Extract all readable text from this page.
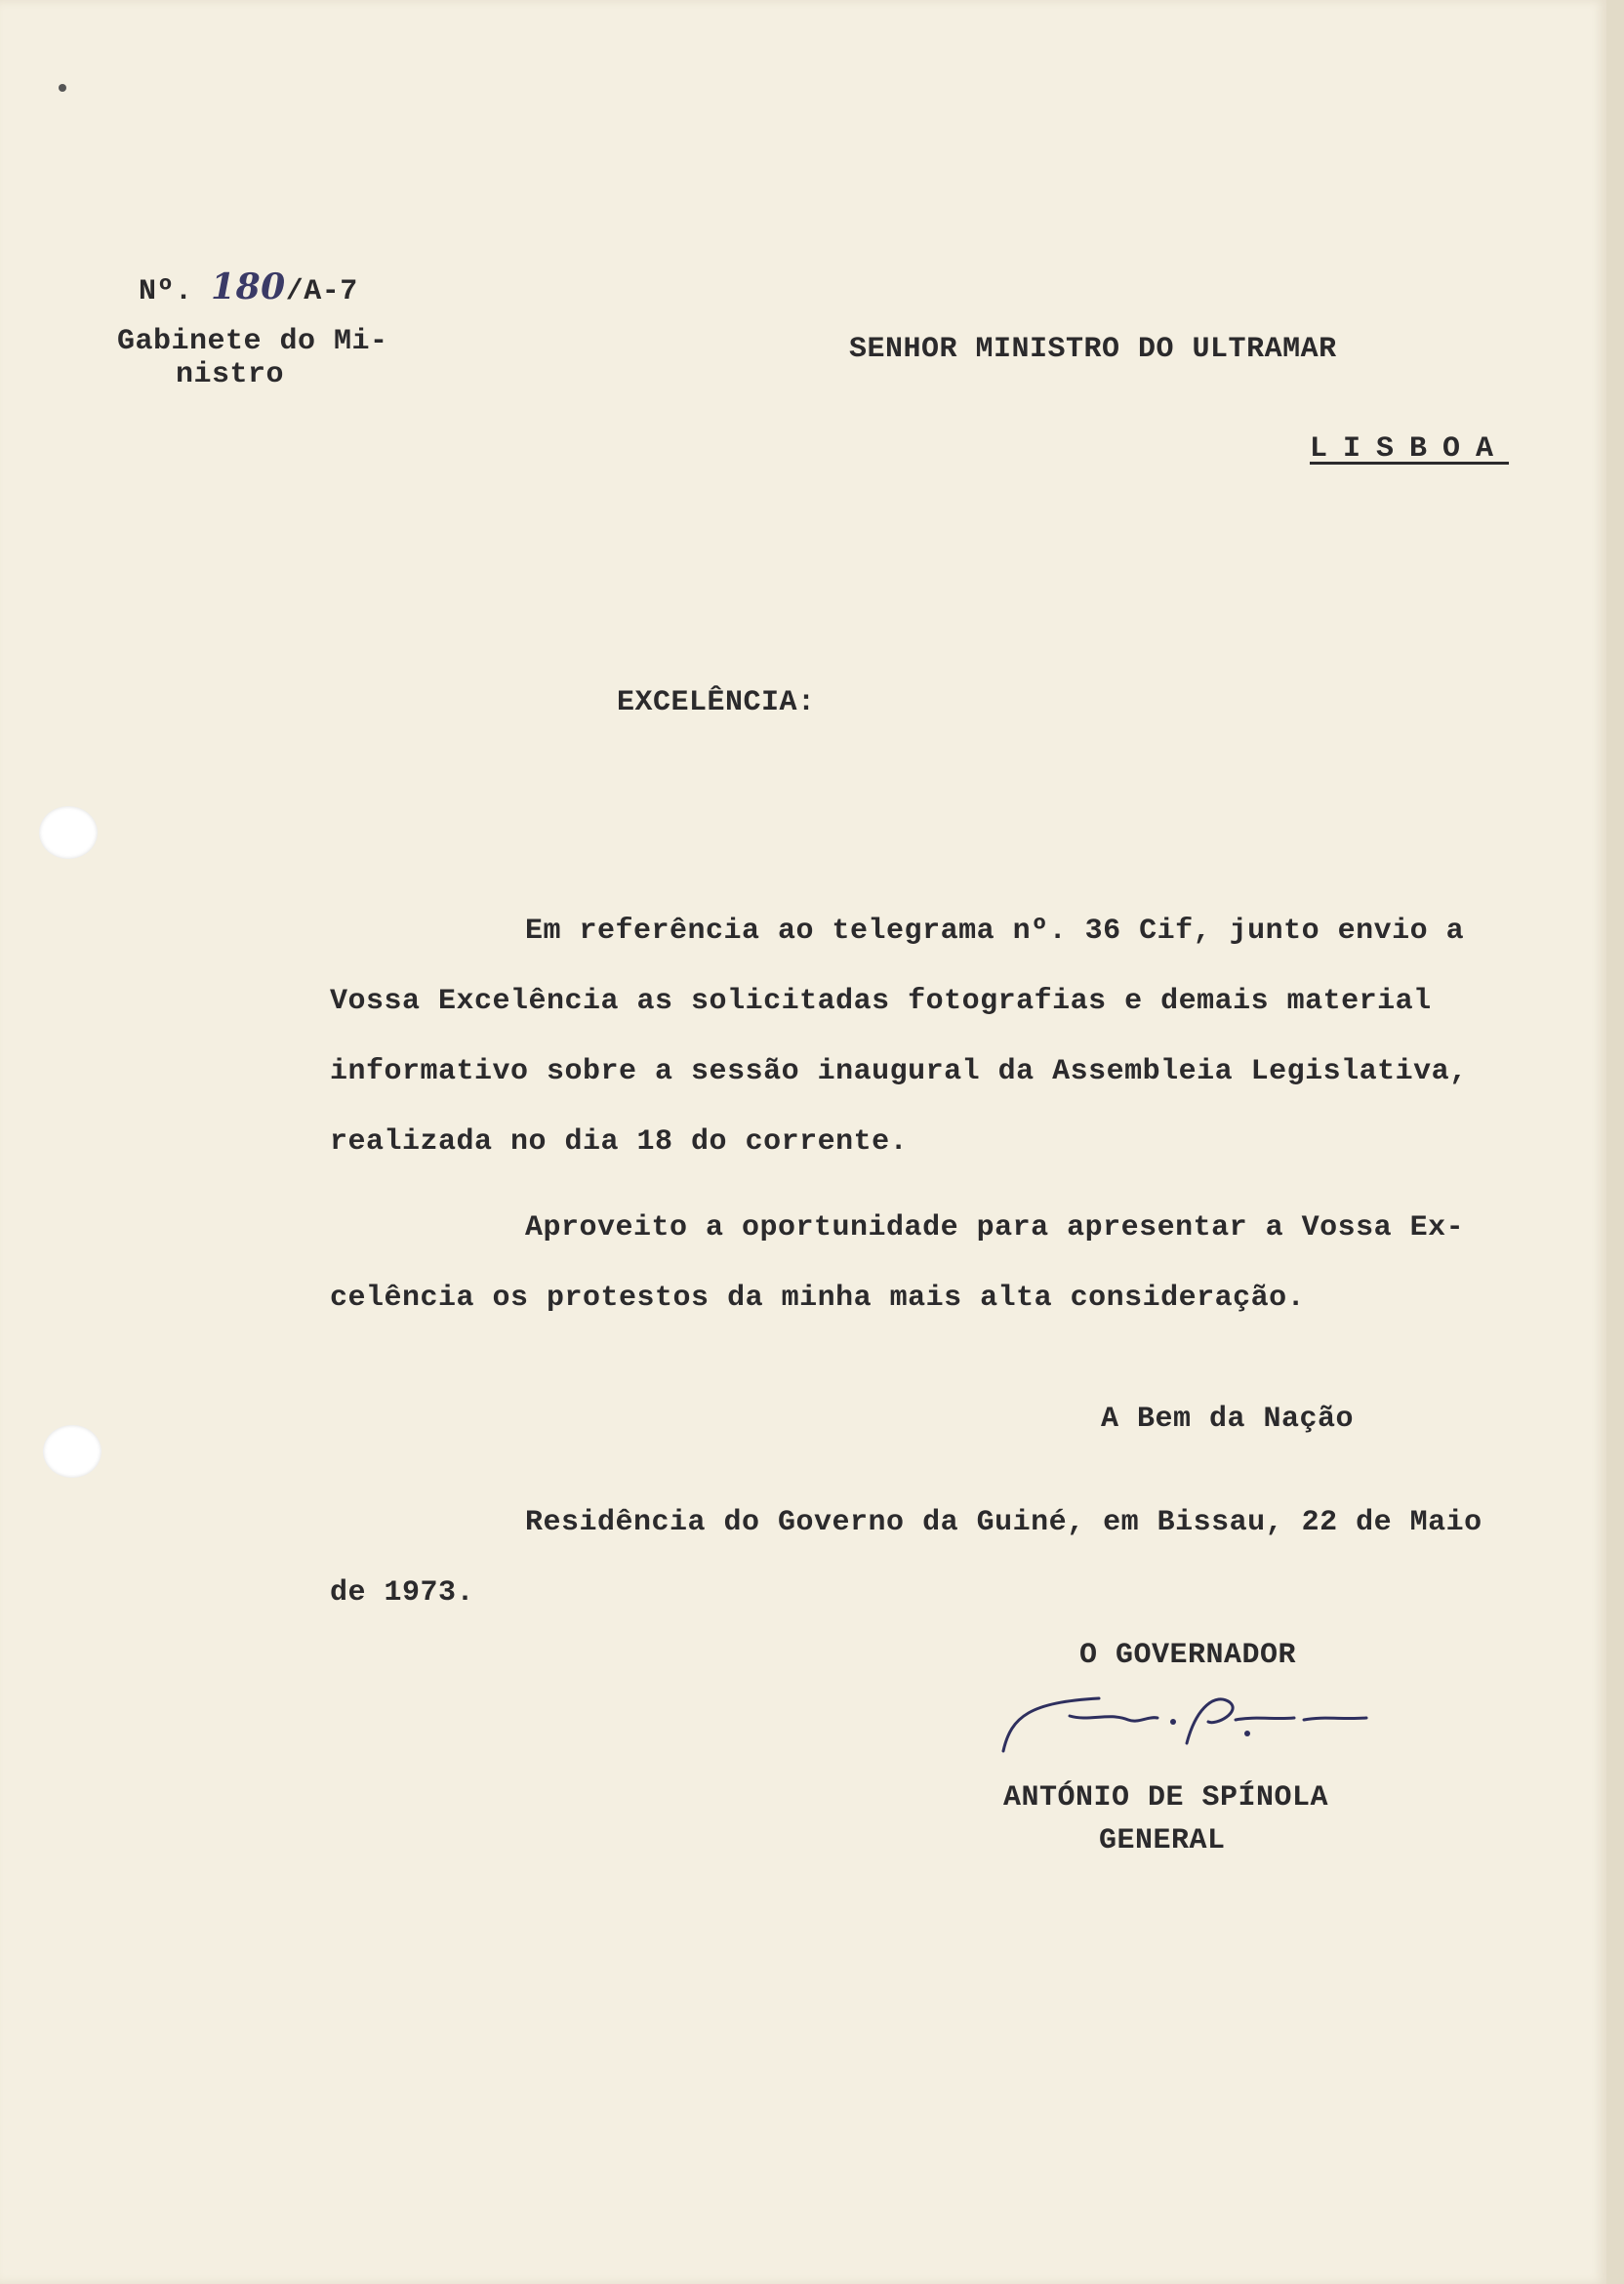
Nº. 180/A-7
Gabinete do Mi-
nistro
SENHOR MINISTRO DO ULTRAMAR
LISBOA
EXCELÊNCIA:
Em referência ao telegrama nº. 36 Cif, junto envio a
Vossa Excelência as solicitadas fotografias e demais material
informativo sobre a sessão inaugural da Assembleia Legislativa,
realizada no dia 18 do corrente.
Aproveito a oportunidade para apresentar a Vossa Ex-
celência os protestos da minha mais alta consideração.
A Bem da Nação
Residência do Governo da Guiné, em Bissau, 22 de Maio
de 1973.
O GOVERNADOR
ANTÓNIO DE SPÍNOLA
GENERAL
